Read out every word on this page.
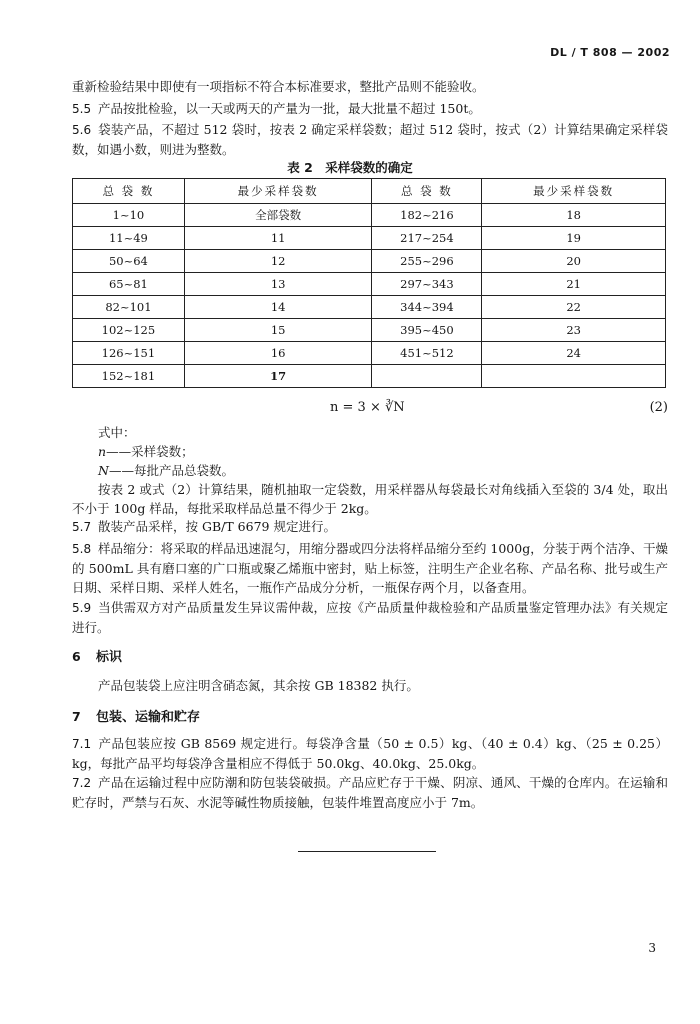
DL / T 808 — 2002

重新检验结果中即使有一项指标不符合本标准要求，整批产品则不能验收。

5.5 产品按批检验，以一天或两天的产量为一批，最大批量不超过 150t。

5.6 袋装产品，不超过 512 袋时，按表 2 确定采样袋数；超过 512 袋时，按式（2）计算结果确定采样袋数，如遇小数，则进为整数。

表 2　采样袋数的确定
总 袋 数	最少采样袋数	总 袋 数	最少采样袋数
1~10	全部袋数	182~216	18
11~49	11	217~254	19
50~64	12	255~296	20
65~81	13	297~343	21
82~101	14	344~394	22
102~125	15	395~450	23
126~151	16	451~512	24
152~181	17		
n = 3 × ∛N	(2)

式中：

n——采样袋数；

N——每批产品总袋数。

按表 2 或式（2）计算结果，随机抽取一定袋数，用采样器从每袋最长对角线插入至袋的 3/4 处，取出不小于 100g 样品，每批采取样品总量不得少于 2kg。

5.7 散装产品采样，按 GB/T 6679 规定进行。

5.8 样品缩分：将采取的样品迅速混匀，用缩分器或四分法将样品缩分至约 1000g，分装于两个洁净、干燥的 500mL 具有磨口塞的广口瓶或聚乙烯瓶中密封，贴上标签，注明生产企业名称、产品名称、批号或生产日期、采样日期、采样人姓名，一瓶作产品成分分析，一瓶保存两个月，以备查用。

5.9 当供需双方对产品质量发生异议需仲裁，应按《产品质量仲裁检验和产品质量鉴定管理办法》有关规定进行。

6 标识

产品包装袋上应注明含硝态氮，其余按 GB 18382 执行。

7 包装、运输和贮存

7.1 产品包装应按 GB 8569 规定进行。每袋净含量（50 ± 0.5）kg、（40 ± 0.4）kg、（25 ± 0.25）kg，每批产品平均每袋净含量相应不得低于 50.0kg、40.0kg、25.0kg。

7.2 产品在运输过程中应防潮和防包装袋破损。产品应贮存于干燥、阴凉、通风、干燥的仓库内。在运输和贮存时，严禁与石灰、水泥等碱性物质接触，包装件堆置高度应小于 7m。

3
